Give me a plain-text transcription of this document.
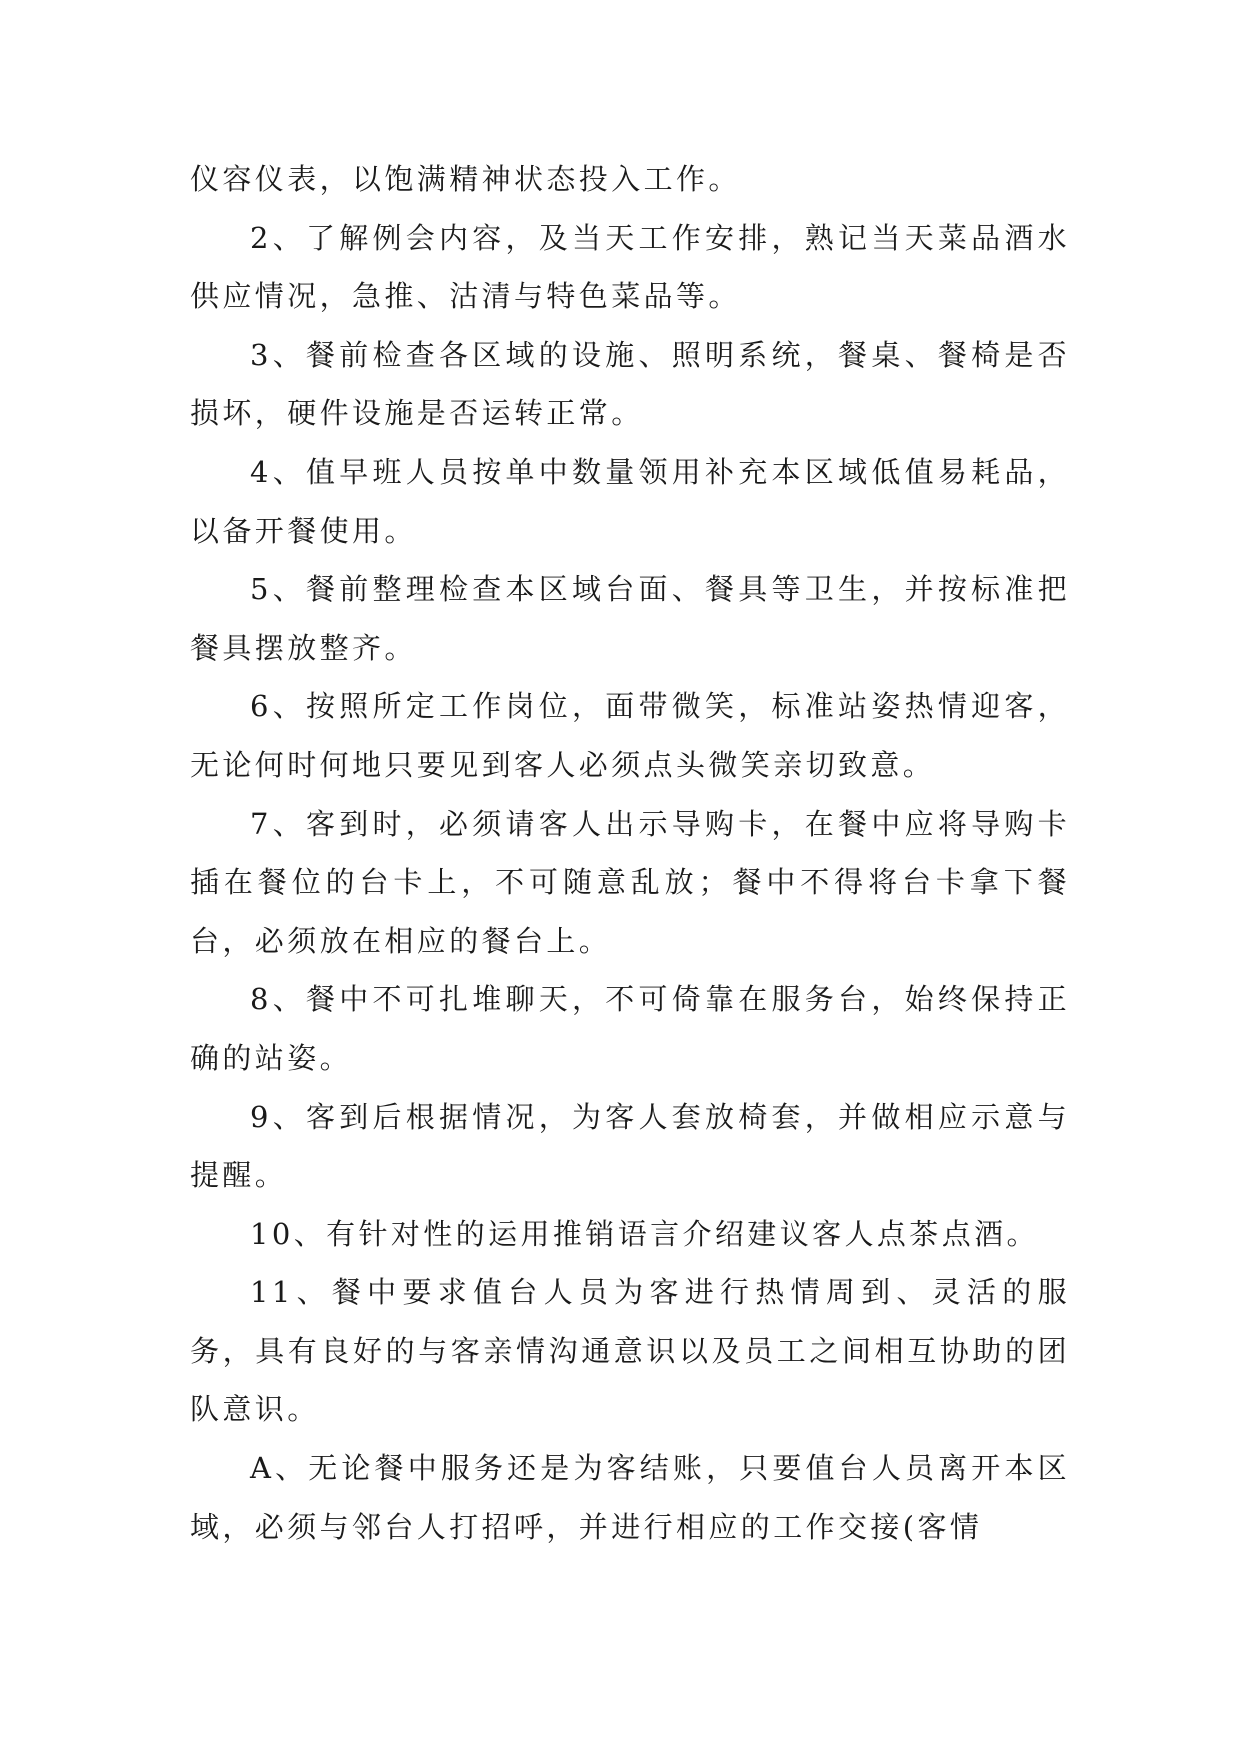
仪容仪表，以饱满精神状态投入工作。

2、了解例会内容，及当天工作安排，熟记当天菜品酒水供应情况，急推、沽清与特色菜品等。

3、餐前检查各区域的设施、照明系统，餐桌、餐椅是否损坏，硬件设施是否运转正常。

4、值早班人员按单中数量领用补充本区域低值易耗品，以备开餐使用。

5、餐前整理检查本区域台面、餐具等卫生，并按标准把餐具摆放整齐。

6、按照所定工作岗位，面带微笑，标准站姿热情迎客，无论何时何地只要见到客人必须点头微笑亲切致意。

7、客到时，必须请客人出示导购卡，在餐中应将导购卡插在餐位的台卡上，不可随意乱放；餐中不得将台卡拿下餐台，必须放在相应的餐台上。

8、餐中不可扎堆聊天，不可倚靠在服务台，始终保持正确的站姿。

9、客到后根据情况，为客人套放椅套，并做相应示意与提醒。

10、有针对性的运用推销语言介绍建议客人点茶点酒。

11、餐中要求值台人员为客进行热情周到、灵活的服务，具有良好的与客亲情沟通意识以及员工之间相互协助的团队意识。

A、无论餐中服务还是为客结账，只要值台人员离开本区域，必须与邻台人打招呼，并进行相应的工作交接(客情
